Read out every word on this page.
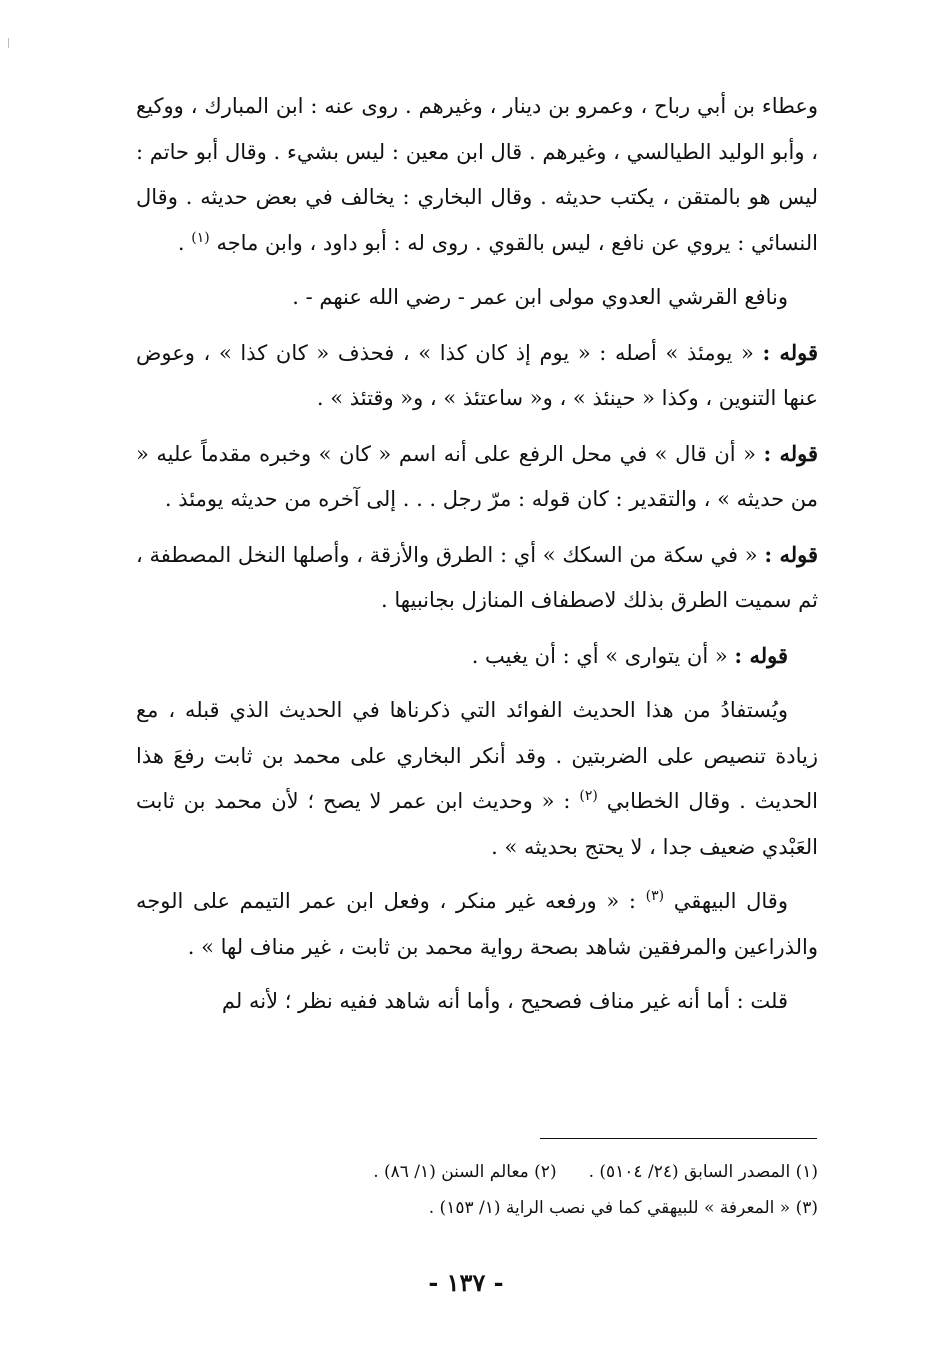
وعطاء بن أبي رباح ، وعمرو بن دينار ، وغيرهم . روى عنه : ابن المبارك ، ووكيع ، وأبو الوليد الطيالسي ، وغيرهم . قال ابن معين : ليس بشيء . وقال أبو حاتم : ليس هو بالمتقن ، يكتب حديثه . وقال البخاري : يخالف في بعض حديثه . وقال النسائي : يروي عن نافع ، ليس بالقوي . روى له : أبو داود ، وابن ماجه $^{(١)}$ .

ونافع القرشي العدوي مولى ابن عمر - رضي الله عنهم - .

قوله : « يومئذ » أصله : « يوم إذ كان كذا » ، فحذف « كان كذا » ، وعوض عنها التنوين ، وكذا « حينئذ » ، و« ساعتئذ » ، و« وقتئذ » .

قوله : « أن قال » في محل الرفع على أنه اسم « كان » وخبره مقدماً عليه « من حديثه » ، والتقدير : كان قوله : مرّ رجل . . . إلى آخره من حديثه يومئذ .

قوله : « في سكة من السكك » أي : الطرق والأزقة ، وأصلها النخل المصطفة ، ثم سميت الطرق بذلك لاصطفاف المنازل بجانبيها .

قوله : « أن يتوارى » أي : أن يغيب .

ويُستفادُ من هذا الحديث الفوائد التي ذكرناها في الحديث الذي قبله ، مع زيادة تنصيص على الضربتين . وقد أنكر البخاري على محمد بن ثابت رفعَ هذا الحديث . وقال الخطابي $^{(٢)}$ : « وحديث ابن عمر لا يصح ؛ لأن محمد بن ثابت العَبْدي ضعيف جدا ، لا يحتج بحديثه » .

وقال البيهقي $^{(٣)}$ : « ورفعه غير منكر ، وفعل ابن عمر التيمم على الوجه والذراعين والمرفقين شاهد بصحة رواية محمد بن ثابت ، غير مناف لها » .

قلت : أما أنه غير مناف فصحيح ، وأما أنه شاهد ففيه نظر ؛ لأنه لم

(١) المصدر السابق (٢٤/ ٥١٠٤) .
(٢) معالم السنن (١/ ٨٦) .
(٣) « المعرفة » للبيهقي كما في نصب الراية (١/ ١٥٣) .
- ١٣٧ -
